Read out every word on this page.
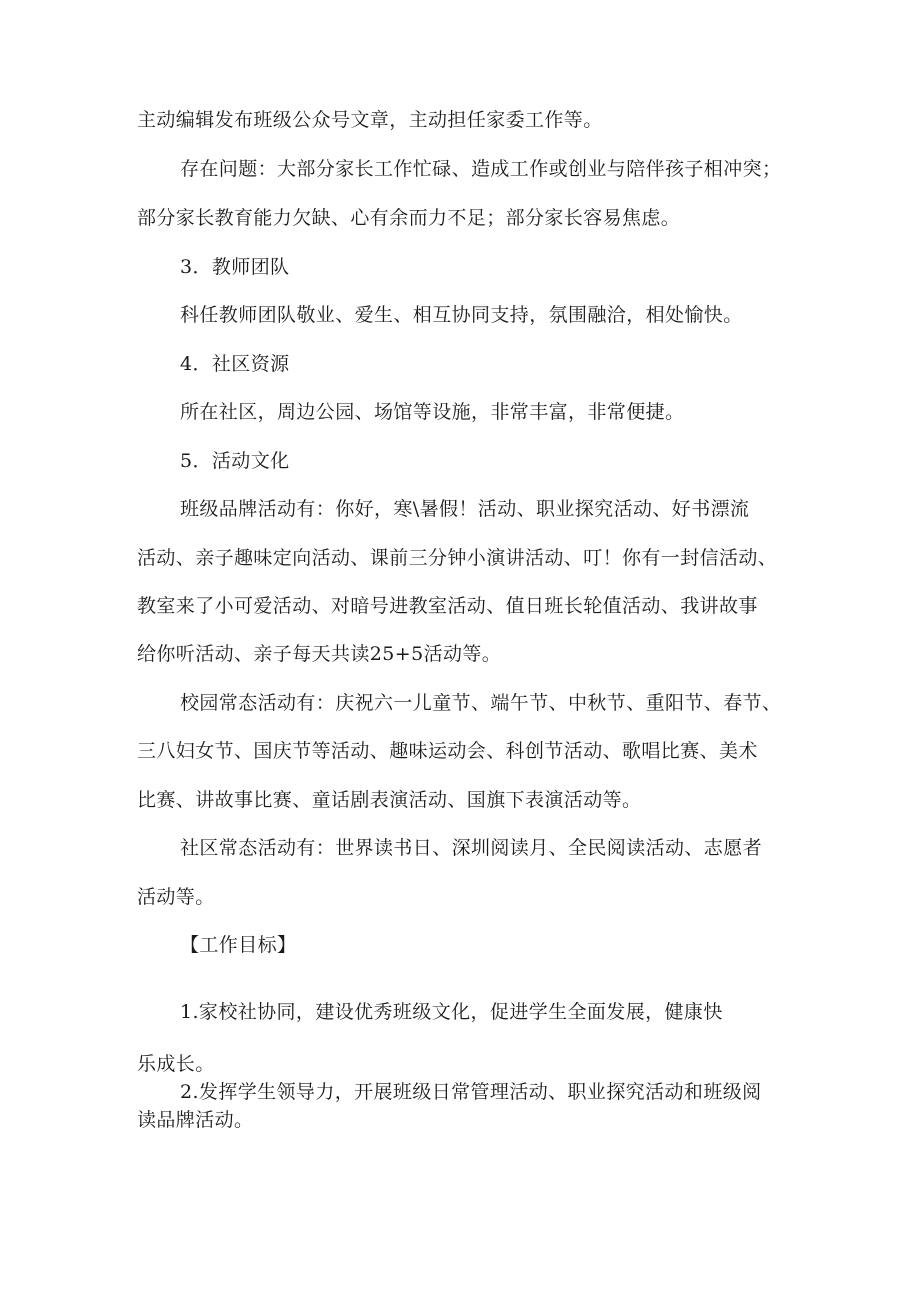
主动编辑发布班级公众号文章，主动担任家委工作等。
存在问题：大部分家长工作忙碌、造成工作或创业与陪伴孩子相冲突；
部分家长教育能力欠缺、心有余而力不足；部分家长容易焦虑。
3．教师团队
科任教师团队敬业、爱生、相互协同支持，氛围融洽，相处愉快。
4．社区资源
所在社区，周边公园、场馆等设施，非常丰富，非常便捷。
5．活动文化
班级品牌活动有：你好，寒\暑假！活动、职业探究活动、好书漂流
活动、亲子趣味定向活动、课前三分钟小演讲活动、叮！你有一封信活动、
教室来了小可爱活动、对暗号进教室活动、值日班长轮值活动、我讲故事
给你听活动、亲子每天共读25+5活动等。
校园常态活动有：庆祝六一儿童节、端午节、中秋节、重阳节、春节、
三八妇女节、国庆节等活动、趣味运动会、科创节活动、歌唱比赛、美术
比赛、讲故事比赛、童话剧表演活动、国旗下表演活动等。
社区常态活动有：世界读书日、深圳阅读月、全民阅读活动、志愿者
活动等。
【工作目标】
1.家校社协同，建设优秀班级文化，促进学生全面发展，健康快
乐成长。
2.发挥学生领导力，开展班级日常管理活动、职业探究活动和班级阅
读品牌活动。
